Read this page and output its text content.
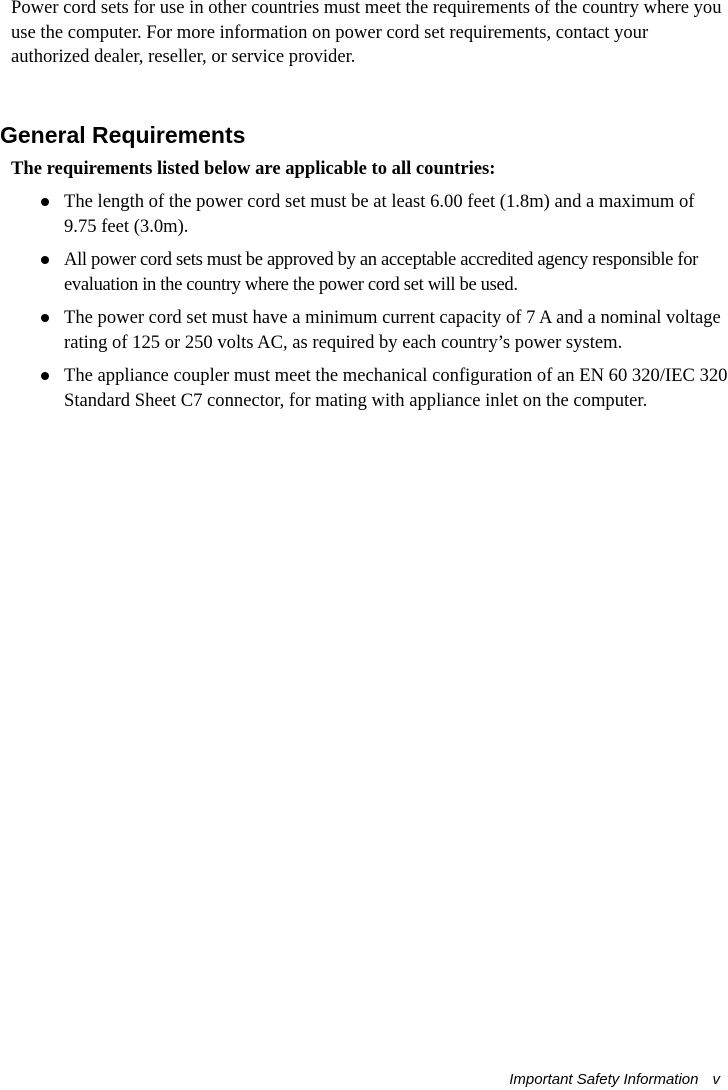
Power cord sets for use in other countries must meet the requirements of the country where you use the computer. For more information on power cord set requirements, contact your authorized dealer, reseller, or service provider.

General Requirements

The requirements listed below are applicable to all countries:

The length of the power cord set must be at least 6.00 feet (1.8m) and a maximum of 9.75 feet (3.0m).
All power cord sets must be approved by an acceptable accredited agency responsible for evaluation in the country where the power cord set will be used.
The power cord set must have a minimum current capacity of 7 A and a nominal voltage rating of 125 or 250 volts AC, as required by each country’s power system.
The appliance coupler must meet the mechanical configuration of an EN 60 320/IEC 320 Standard Sheet C7 connector, for mating with appliance inlet on the computer.
Important Safety Information v
